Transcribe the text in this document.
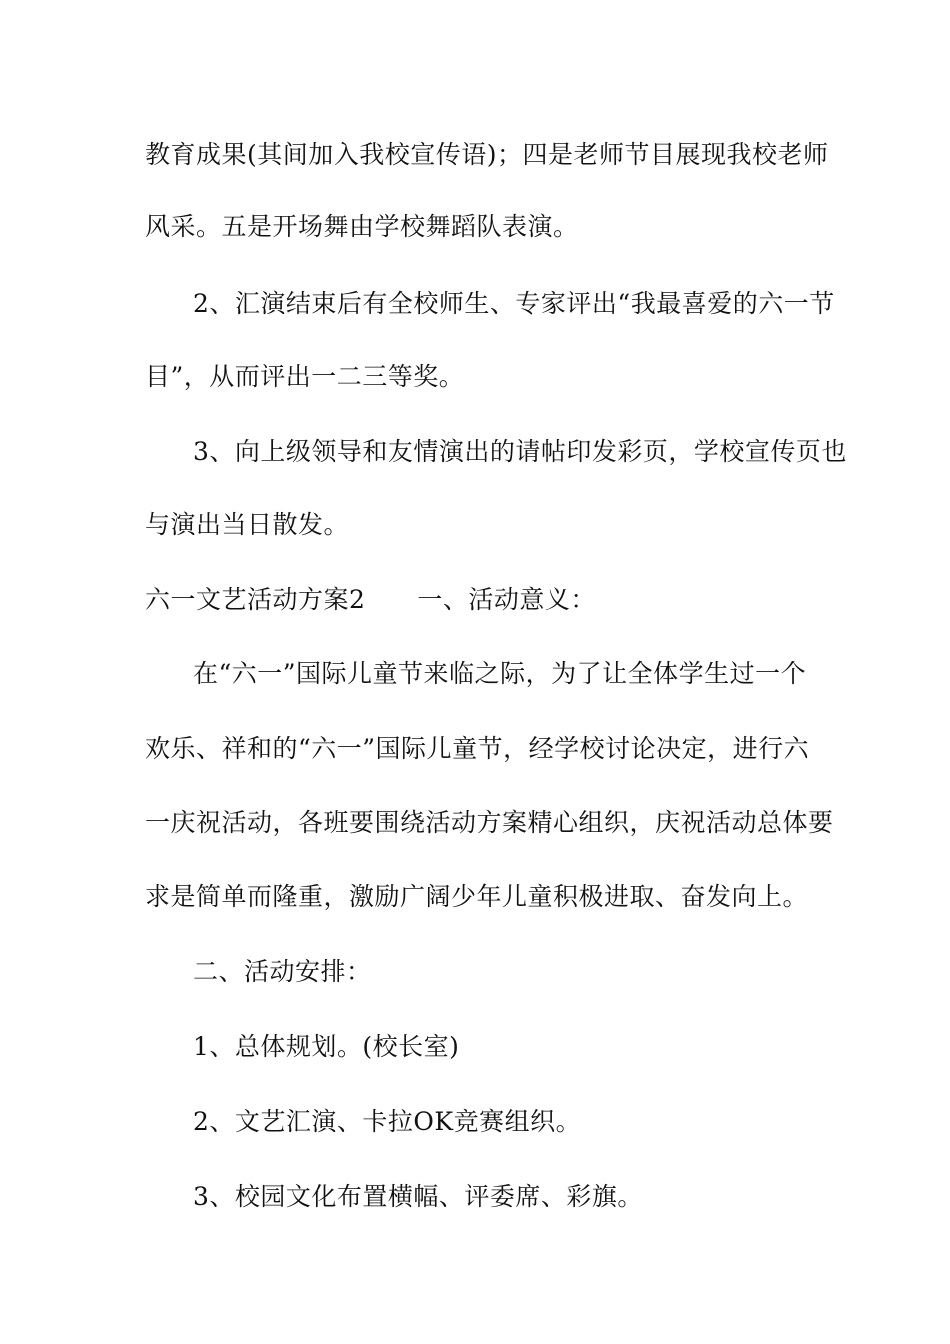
教育成果(其间加入我校宣传语)；四是老师节目展现我校老师
风采。五是开场舞由学校舞蹈队表演。
2、汇演结束后有全校师生、专家评出“我最喜爱的六一节
目”，从而评出一二三等奖。
3、向上级领导和友情演出的请帖印发彩页，学校宣传页也
与演出当日散发。
六一文艺活动方案2 一、活动意义：
在“六一”国际儿童节来临之际，为了让全体学生过一个
欢乐、祥和的“六一”国际儿童节，经学校讨论决定，进行六
一庆祝活动，各班要围绕活动方案精心组织，庆祝活动总体要
求是简单而隆重，激励广阔少年儿童积极进取、奋发向上。
二、活动安排：
1、总体规划。(校长室)
2、文艺汇演、卡拉OK竞赛组织。
3、校园文化布置横幅、评委席、彩旗。
